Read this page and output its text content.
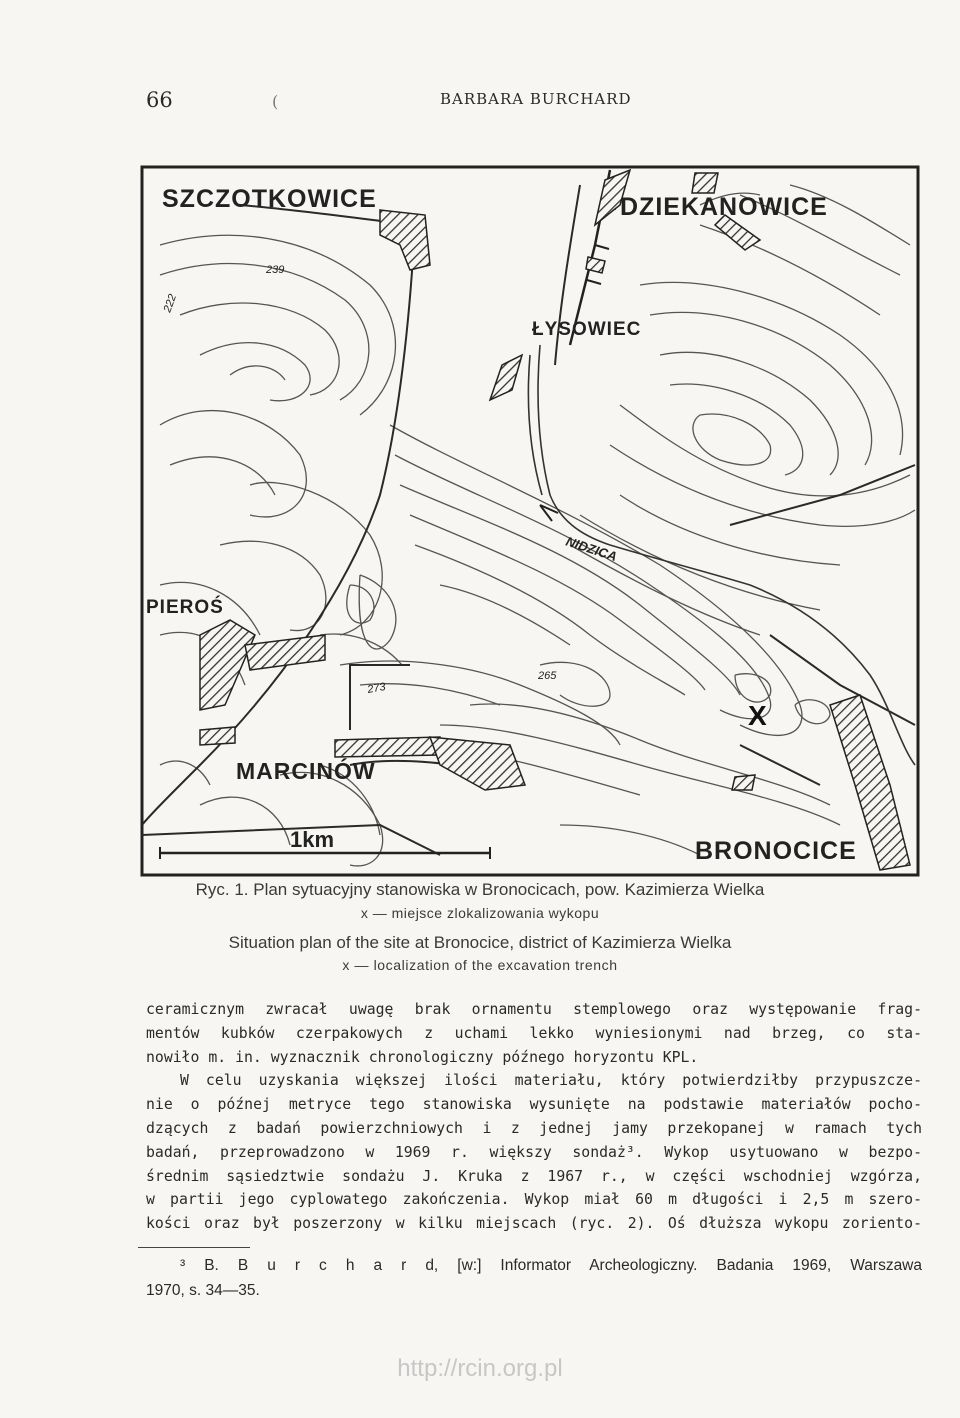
66	(	BARBARA BURCHARD
SZCZOTKOWICE	DZIEKANOWICE
ŁYSOWIEC
PIEROŚ
MARCINÓW
BRONOCICE
NIDZICA
239
222
273
265
X
1km
Ryc. 1. Plan sytuacyjny stanowiska w Bronocicach, pow. Kazimierza Wielka
x — miejsce zlokalizowania wykopu
Situation plan of the site at Bronocice, district of Kazimierza Wielka
x — localization of the excavation trench
ceramicznym zwracał uwagę brak ornamentu stemplowego oraz występowanie frag-
mentów kubków czerpakowych z uchami lekko wyniesionymi nad brzeg, co sta-
nowiło m. in. wyznacznik chronologiczny późnego horyzontu KPL.
W celu uzyskania większej ilości materiału, który potwierdziłby przypuszcze-
nie o późnej metryce tego stanowiska wysunięte na podstawie materiałów pocho-
dzących z badań powierzchniowych i z jednej jamy przekopanej w ramach tych
badań, przeprowadzono w 1969 r. większy sondaż³. Wykop usytuowano w bezpo-
średnim sąsiedztwie sondażu J. Kruka z 1967 r., w części wschodniej wzgórza,
w partii jego cyplowatego zakończenia. Wykop miał 60 m długości i 2,5 m szero-
kości oraz był poszerzony w kilku miejscach (ryc. 2). Oś dłuższa wykopu zoriento-
³ B. B u r c h a r d, [w:] Informator Archeologiczny. Badania 1969, Warszawa
1970, s. 34—35.
http://rcin.org.pl
